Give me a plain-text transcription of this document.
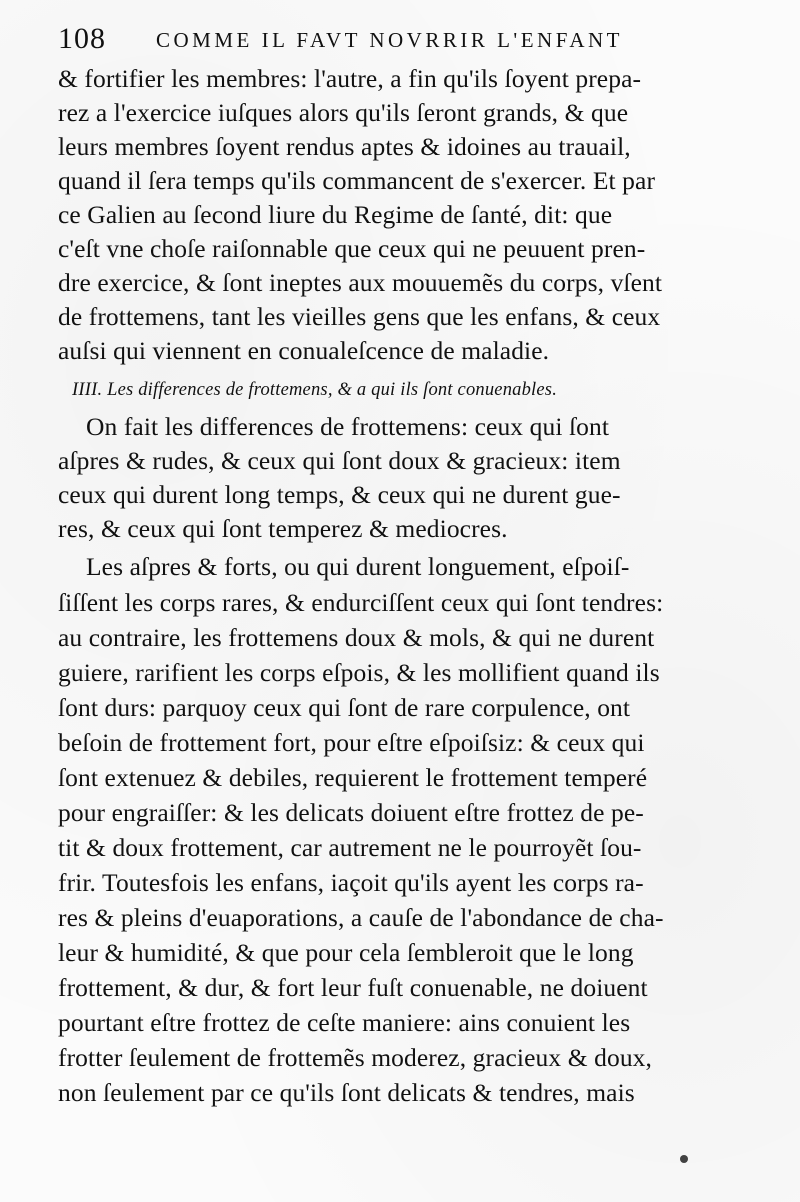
108 COMME IL FAVT NOVRRIR L'ENFANT
& fortifier les membres: l'autre, a fin qu'ils ſoyent prepa-
rez a l'exercice iuſques alors qu'ils ſeront grands, & que
leurs membres ſoyent rendus aptes & idoines au trauail,
quand il ſera temps qu'ils commancent de s'exercer. Et par
ce Galien au ſecond liure du Regime de ſanté, dit: que
c'eſt vne choſe raiſonnable que ceux qui ne peuuent pren-
dre exercice, & ſont ineptes aux mouuemẽs du corps, vſent
de frottemens, tant les vieilles gens que les enfans, & ceux
auſsi qui viennent en conualeſcence de maladie.
IIII. Les differences de frottemens, & a qui ils ſont conuenables.
On fait les differences de frottemens: ceux qui ſont
aſpres & rudes, & ceux qui ſont doux & gracieux: item
ceux qui durent long temps, & ceux qui ne durent gue-
res, & ceux qui ſont temperez & mediocres.
Les aſpres & forts, ou qui durent longuement, eſpoiſ-
ſiſſent les corps rares, & endurciſſent ceux qui ſont tendres:
au contraire, les frottemens doux & mols, & qui ne durent
guiere, rarifient les corps eſpois, & les mollifient quand ils
ſont durs: parquoy ceux qui ſont de rare corpulence, ont
beſoin de frottement fort, pour eſtre eſpoiſsiz: & ceux qui
ſont extenuez & debiles, requierent le frottement temperé
pour engraiſſer: & les delicats doiuent eſtre frottez de pe-
tit & doux frottement, car autrement ne le pourroyẽt ſou-
frir. Toutesfois les enfans, iaçoit qu'ils ayent les corps ra-
res & pleins d'euaporations, a cauſe de l'abondance de cha-
leur & humidité, & que pour cela ſembleroit que le long
frottement, & dur, & fort leur fuſt conuenable, ne doiuent
pourtant eſtre frottez de ceſte maniere: ains conuient les
frotter ſeulement de frottemẽs moderez, gracieux & doux,
non ſeulement par ce qu'ils ſont delicats & tendres, mais
